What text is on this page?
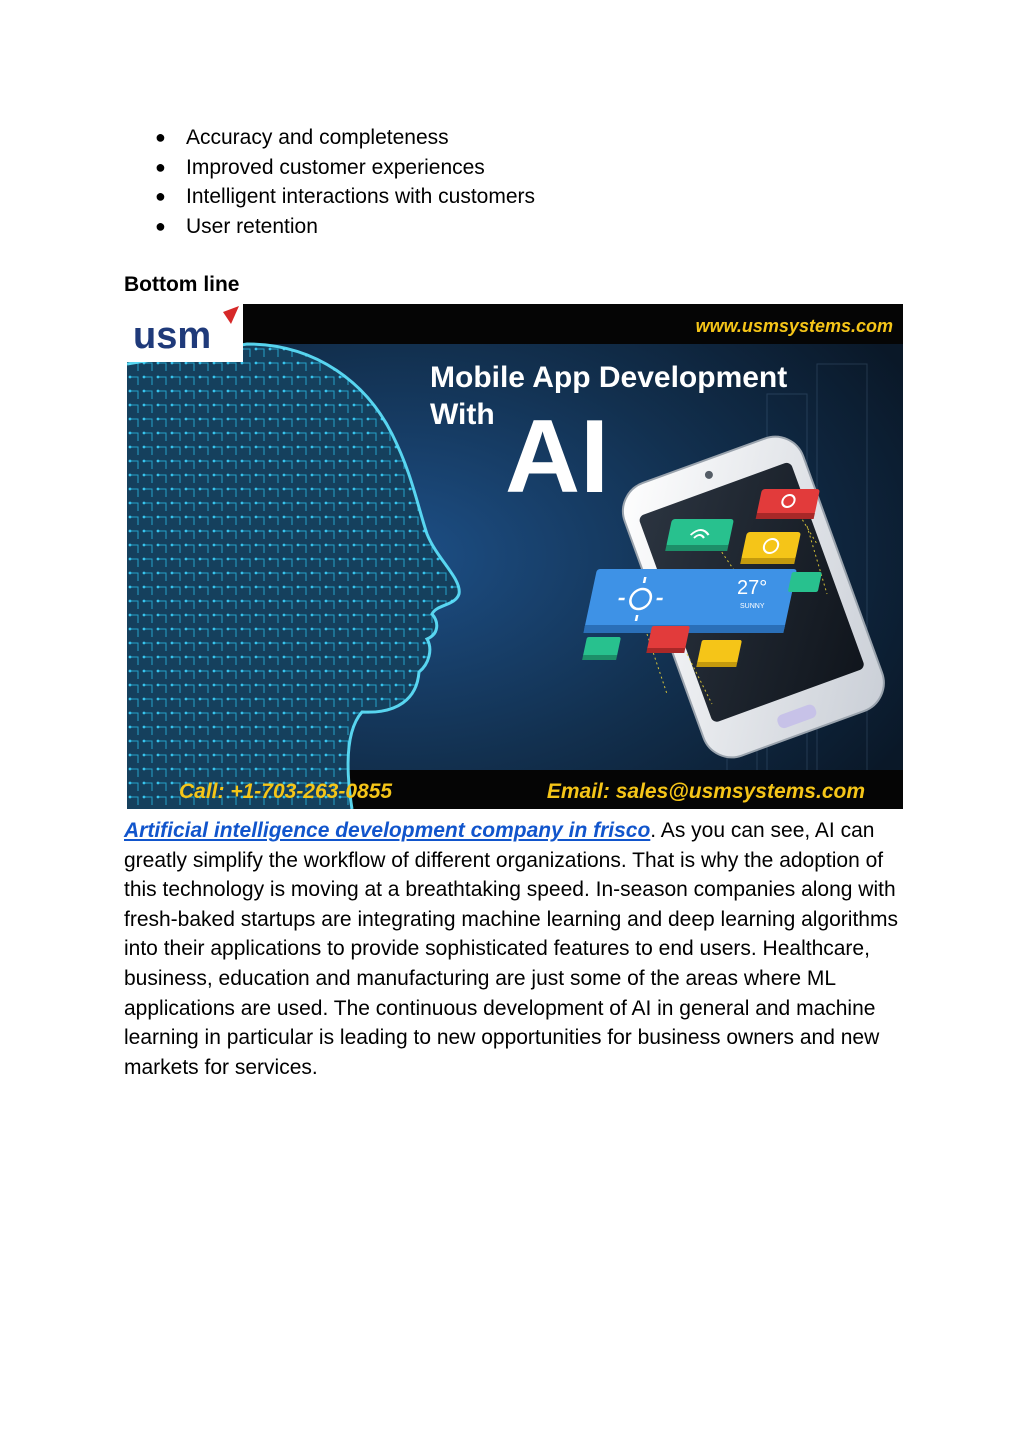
● Accuracy and completeness
● Improved customer experiences
● Intelligent interactions with customers
● User retention
Bottom line
usm	www.usmsystems.com
Mobile App Development
With AI
27°
SUNNY
Call: +1-703-263-0855	Email: sales@usmsystems.com

Artificial intelligence development company in frisco. As you can see, AI can greatly simplify the workflow of different organizations. That is why the adoption of this technology is moving at a breathtaking speed. In-season companies along with fresh-baked startups are integrating machine learning and deep learning algorithms into their applications to provide sophisticated features to end users. Healthcare, business, education and manufacturing are just some of the areas where ML applications are used. The continuous development of AI in general and machine learning in particular is leading to new opportunities for business owners and new markets for services.
